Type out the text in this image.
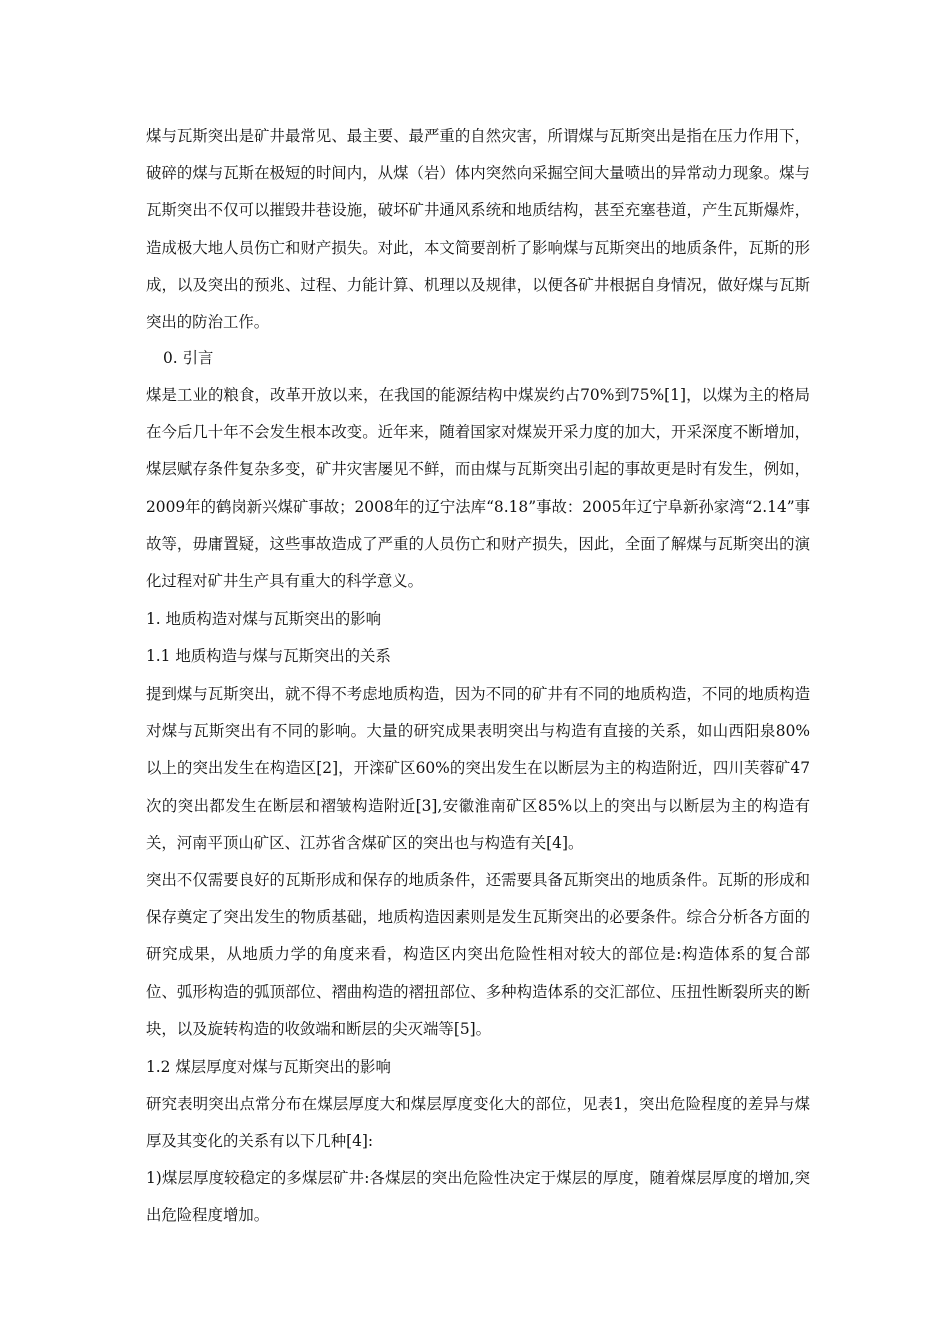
煤与瓦斯突出是矿井最常见、最主要、最严重的自然灾害，所谓煤与瓦斯突出是指在压力作用下，破碎的煤与瓦斯在极短的时间内，从煤（岩）体内突然向采掘空间大量喷出的异常动力现象。煤与瓦斯突出不仅可以摧毁井巷设施，破坏矿井通风系统和地质结构，甚至充塞巷道，产生瓦斯爆炸，造成极大地人员伤亡和财产损失。对此，本文简要剖析了影响煤与瓦斯突出的地质条件，瓦斯的形成，以及突出的预兆、过程、力能计算、机理以及规律，以便各矿井根据自身情况，做好煤与瓦斯突出的防治工作。

0. 引言

煤是工业的粮食，改革开放以来，在我国的能源结构中煤炭约占70%到75%[1]，以煤为主的格局在今后几十年不会发生根本改变。近年来，随着国家对煤炭开采力度的加大，开采深度不断增加，煤层赋存条件复杂多变，矿井灾害屡见不鲜，而由煤与瓦斯突出引起的事故更是时有发生，例如，2009年的鹤岗新兴煤矿事故；2008年的辽宁法库“8.18”事故：2005年辽宁阜新孙家湾“2.14”事故等，毋庸置疑，这些事故造成了严重的人员伤亡和财产损失，因此，全面了解煤与瓦斯突出的演化过程对矿井生产具有重大的科学意义。

1. 地质构造对煤与瓦斯突出的影响

1.1 地质构造与煤与瓦斯突出的关系

提到煤与瓦斯突出，就不得不考虑地质构造，因为不同的矿井有不同的地质构造，不同的地质构造对煤与瓦斯突出有不同的影响。大量的研究成果表明突出与构造有直接的关系，如山西阳泉80%以上的突出发生在构造区[2]，开滦矿区60%的突出发生在以断层为主的构造附近，四川芙蓉矿47次的突出都发生在断层和褶皱构造附近[3],安徽淮南矿区85%以上的突出与以断层为主的构造有关，河南平顶山矿区、江苏省含煤矿区的突出也与构造有关[4]。

突出不仅需要良好的瓦斯形成和保存的地质条件，还需要具备瓦斯突出的地质条件。瓦斯的形成和保存奠定了突出发生的物质基础，地质构造因素则是发生瓦斯突出的必要条件。综合分析各方面的研究成果，从地质力学的角度来看，构造区内突出危险性相对较大的部位是:构造体系的复合部位、弧形构造的弧顶部位、褶曲构造的褶扭部位、多种构造体系的交汇部位、压扭性断裂所夹的断块，以及旋转构造的收敛端和断层的尖灭端等[5]。

1.2 煤层厚度对煤与瓦斯突出的影响

研究表明突出点常分布在煤层厚度大和煤层厚度变化大的部位，见表1，突出危险程度的差异与煤厚及其变化的关系有以下几种[4]:

1)煤层厚度较稳定的多煤层矿井:各煤层的突出危险性决定于煤层的厚度，随着煤层厚度的增加,突出危险程度增加。
